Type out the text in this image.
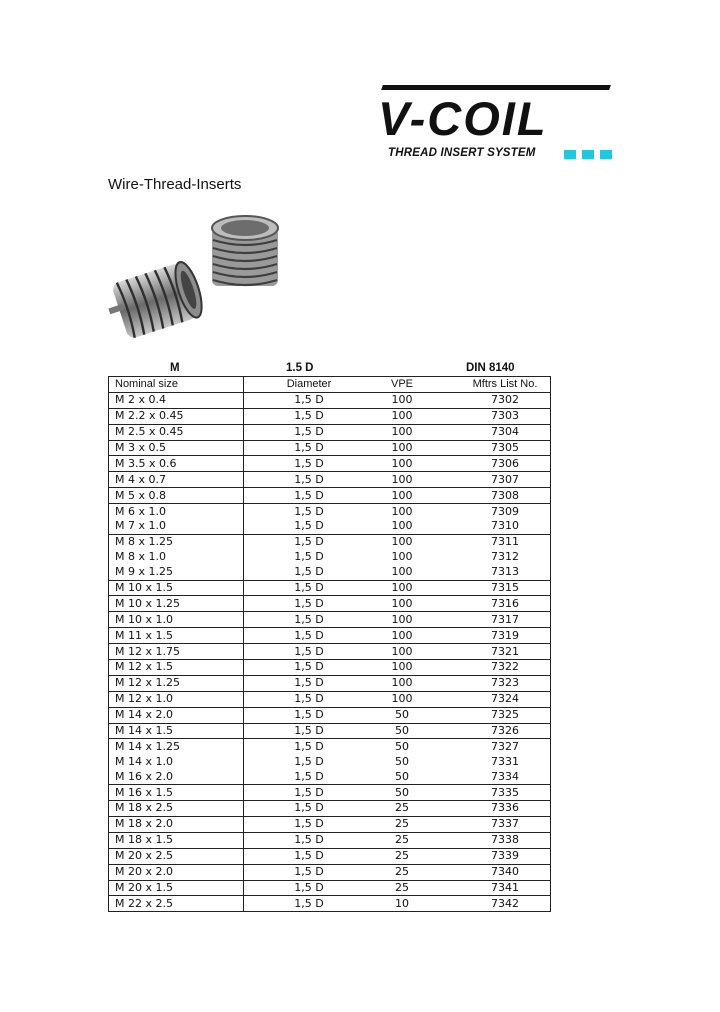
V-COIL
THREAD INSERT SYSTEM
Wire-Thread-Inserts
M	1.5 D	DIN 8140
Nominal size	Diameter	VPE	Mftrs List No.
M 2 x 0.4	1,5 D	100	7302
M 2.2 x 0.45	1,5 D	100	7303
M 2.5 x 0.45	1,5 D	100	7304
M 3 x 0.5	1,5 D	100	7305
M 3.5 x 0.6	1,5 D	100	7306
M 4 x 0.7	1,5 D	100	7307
M 5 x 0.8	1,5 D	100	7308
M 6 x 1.0	1,5 D	100	7309
M 7 x 1.0	1,5 D	100	7310
M 8 x 1.25	1,5 D	100	7311
M 8 x 1.0	1,5 D	100	7312
M 9 x 1.25	1,5 D	100	7313
M 10 x 1.5	1,5 D	100	7315
M 10 x 1.25	1,5 D	100	7316
M 10 x 1.0	1,5 D	100	7317
M 11 x 1.5	1,5 D	100	7319
M 12 x 1.75	1,5 D	100	7321
M 12 x 1.5	1,5 D	100	7322
M 12 x 1.25	1,5 D	100	7323
M 12 x 1.0	1,5 D	100	7324
M 14 x 2.0	1,5 D	50	7325
M 14 x 1.5	1,5 D	50	7326
M 14 x 1.25	1,5 D	50	7327
M 14 x 1.0	1,5 D	50	7331
M 16 x 2.0	1,5 D	50	7334
M 16 x 1.5	1,5 D	50	7335
M 18 x 2.5	1,5 D	25	7336
M 18 x 2.0	1,5 D	25	7337
M 18 x 1.5	1,5 D	25	7338
M 20 x 2.5	1,5 D	25	7339
M 20 x 2.0	1,5 D	25	7340
M 20 x 1.5	1,5 D	25	7341
M 22 x 2.5	1,5 D	10	7342
